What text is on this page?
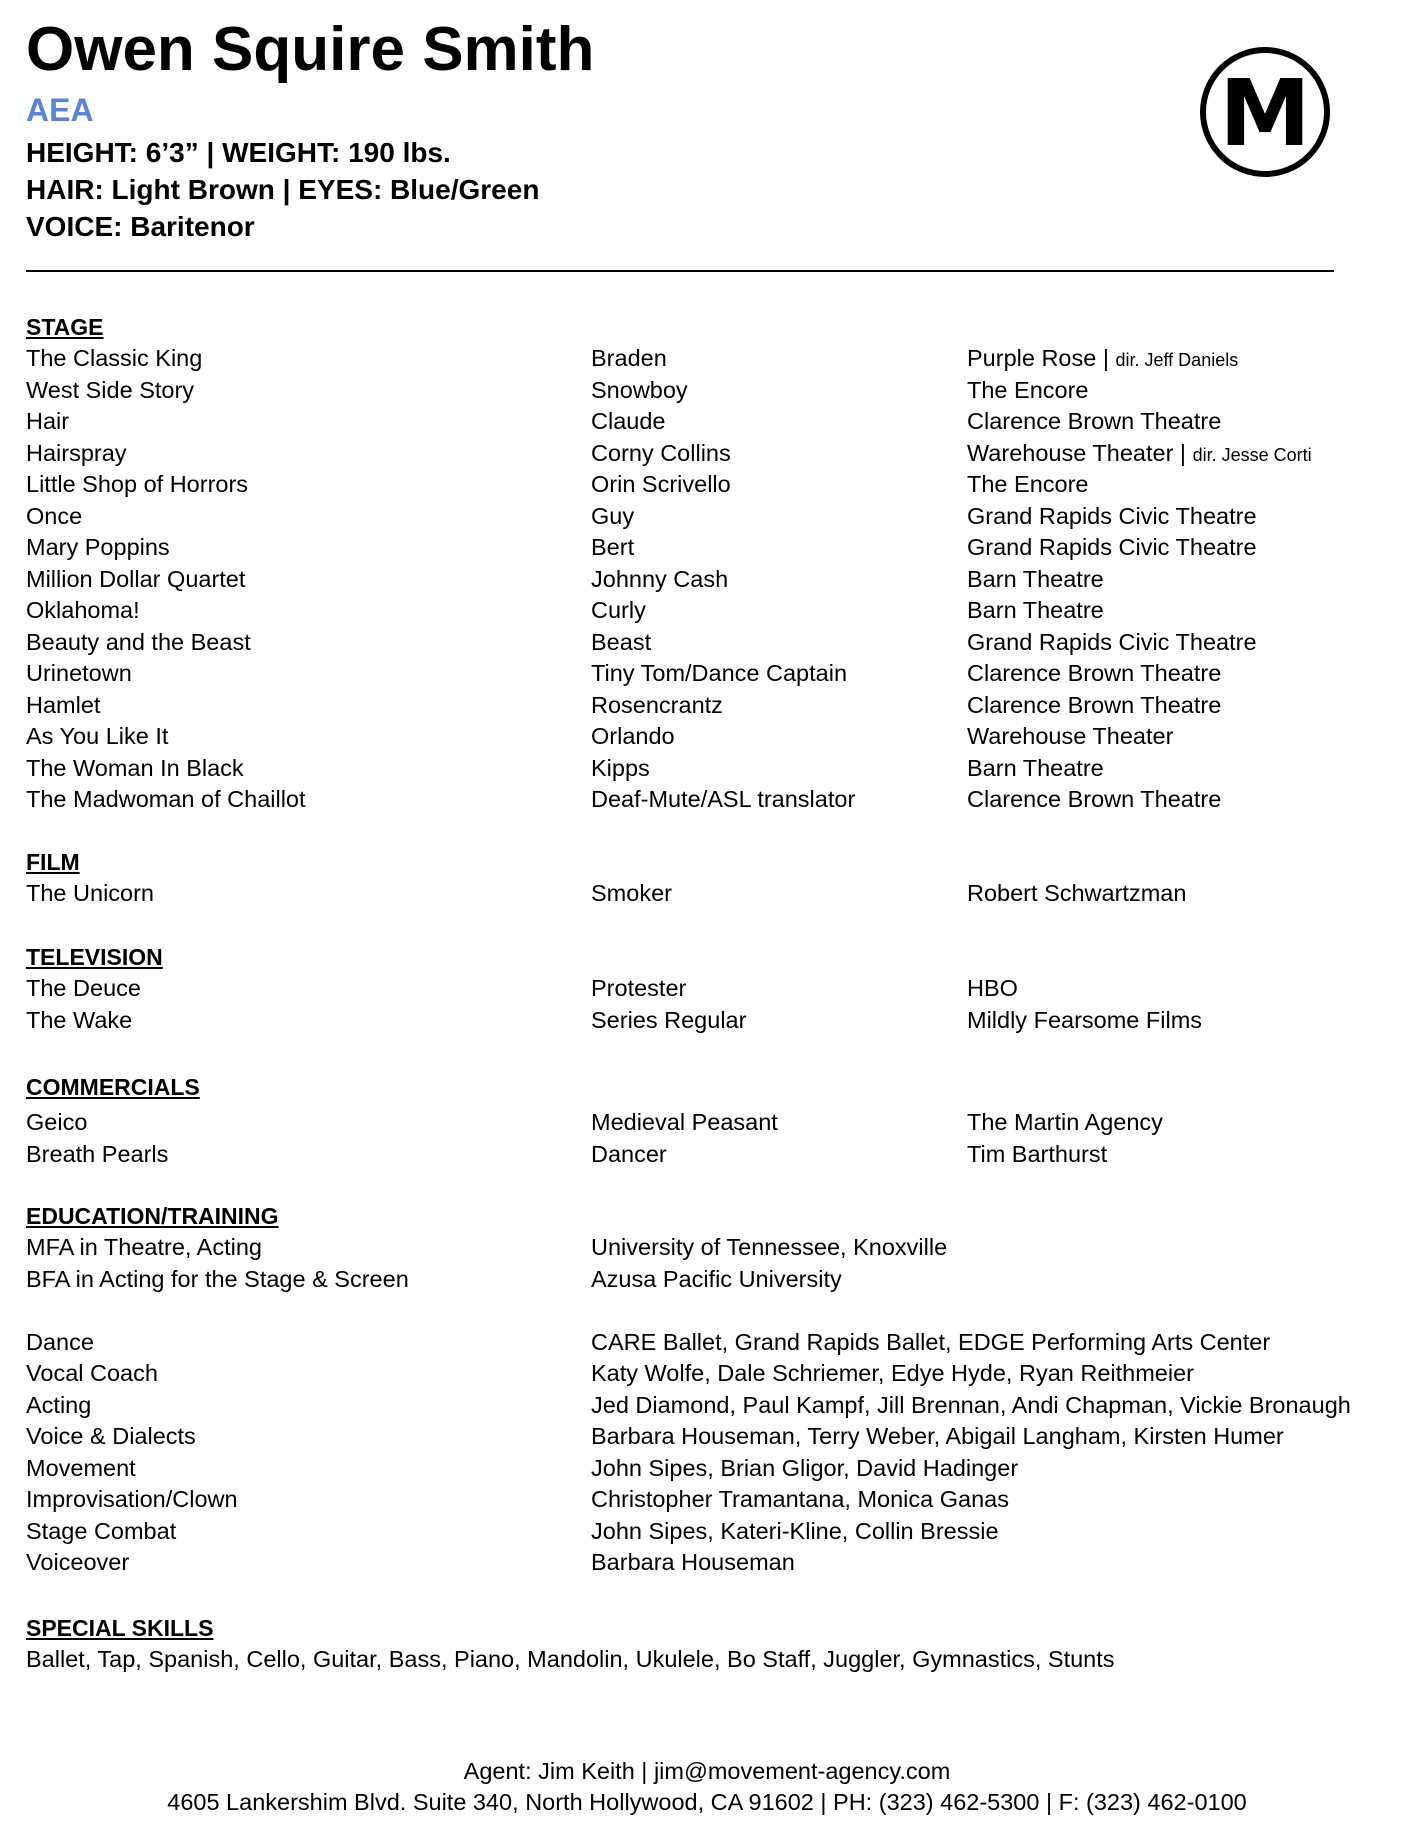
Owen Squire Smith
AEA
HEIGHT: 6’3” | WEIGHT: 190 lbs.
HAIR: Light Brown | EYES: Blue/Green
VOICE: Baritenor
M
STAGE
The Classic King	Braden	Purple Rose | dir. Jeff Daniels
West Side Story	Snowboy	The Encore
Hair	Claude	Clarence Brown Theatre
Hairspray	Corny Collins	Warehouse Theater | dir. Jesse Corti
Little Shop of Horrors	Orin Scrivello	The Encore
Once	Guy	Grand Rapids Civic Theatre
Mary Poppins	Bert	Grand Rapids Civic Theatre
Million Dollar Quartet	Johnny Cash	Barn Theatre
Oklahoma!	Curly	Barn Theatre
Beauty and the Beast	Beast	Grand Rapids Civic Theatre
Urinetown	Tiny Tom/Dance Captain	Clarence Brown Theatre
Hamlet	Rosencrantz	Clarence Brown Theatre
As You Like It	Orlando	Warehouse Theater
The Woman In Black	Kipps	Barn Theatre
The Madwoman of Chaillot	Deaf-Mute/ASL translator	Clarence Brown Theatre
FILM
The Unicorn	Smoker	Robert Schwartzman
TELEVISION
The Deuce	Protester	HBO
The Wake	Series Regular	Mildly Fearsome Films
COMMERCIALS
Geico	Medieval Peasant	The Martin Agency
Breath Pearls	Dancer	Tim Barthurst
EDUCATION/TRAINING
MFA in Theatre, Acting	University of Tennessee, Knoxville
BFA in Acting for the Stage & Screen	Azusa Pacific University
Dance	CARE Ballet, Grand Rapids Ballet, EDGE Performing Arts Center
Vocal Coach	Katy Wolfe, Dale Schriemer, Edye Hyde, Ryan Reithmeier
Acting	Jed Diamond, Paul Kampf, Jill Brennan, Andi Chapman, Vickie Bronaugh
Voice & Dialects	Barbara Houseman, Terry Weber, Abigail Langham, Kirsten Humer
Movement	John Sipes, Brian Gligor, David Hadinger
Improvisation/Clown	Christopher Tramantana, Monica Ganas
Stage Combat	John Sipes, Kateri-Kline, Collin Bressie
Voiceover	Barbara Houseman
SPECIAL SKILLS
Ballet, Tap, Spanish, Cello, Guitar, Bass, Piano, Mandolin, Ukulele, Bo Staff, Juggler, Gymnastics, Stunts
Agent: Jim Keith | jim@movement-agency.com
4605 Lankershim Blvd. Suite 340, North Hollywood, CA 91602 | PH: (323) 462-5300 | F: (323) 462-0100
